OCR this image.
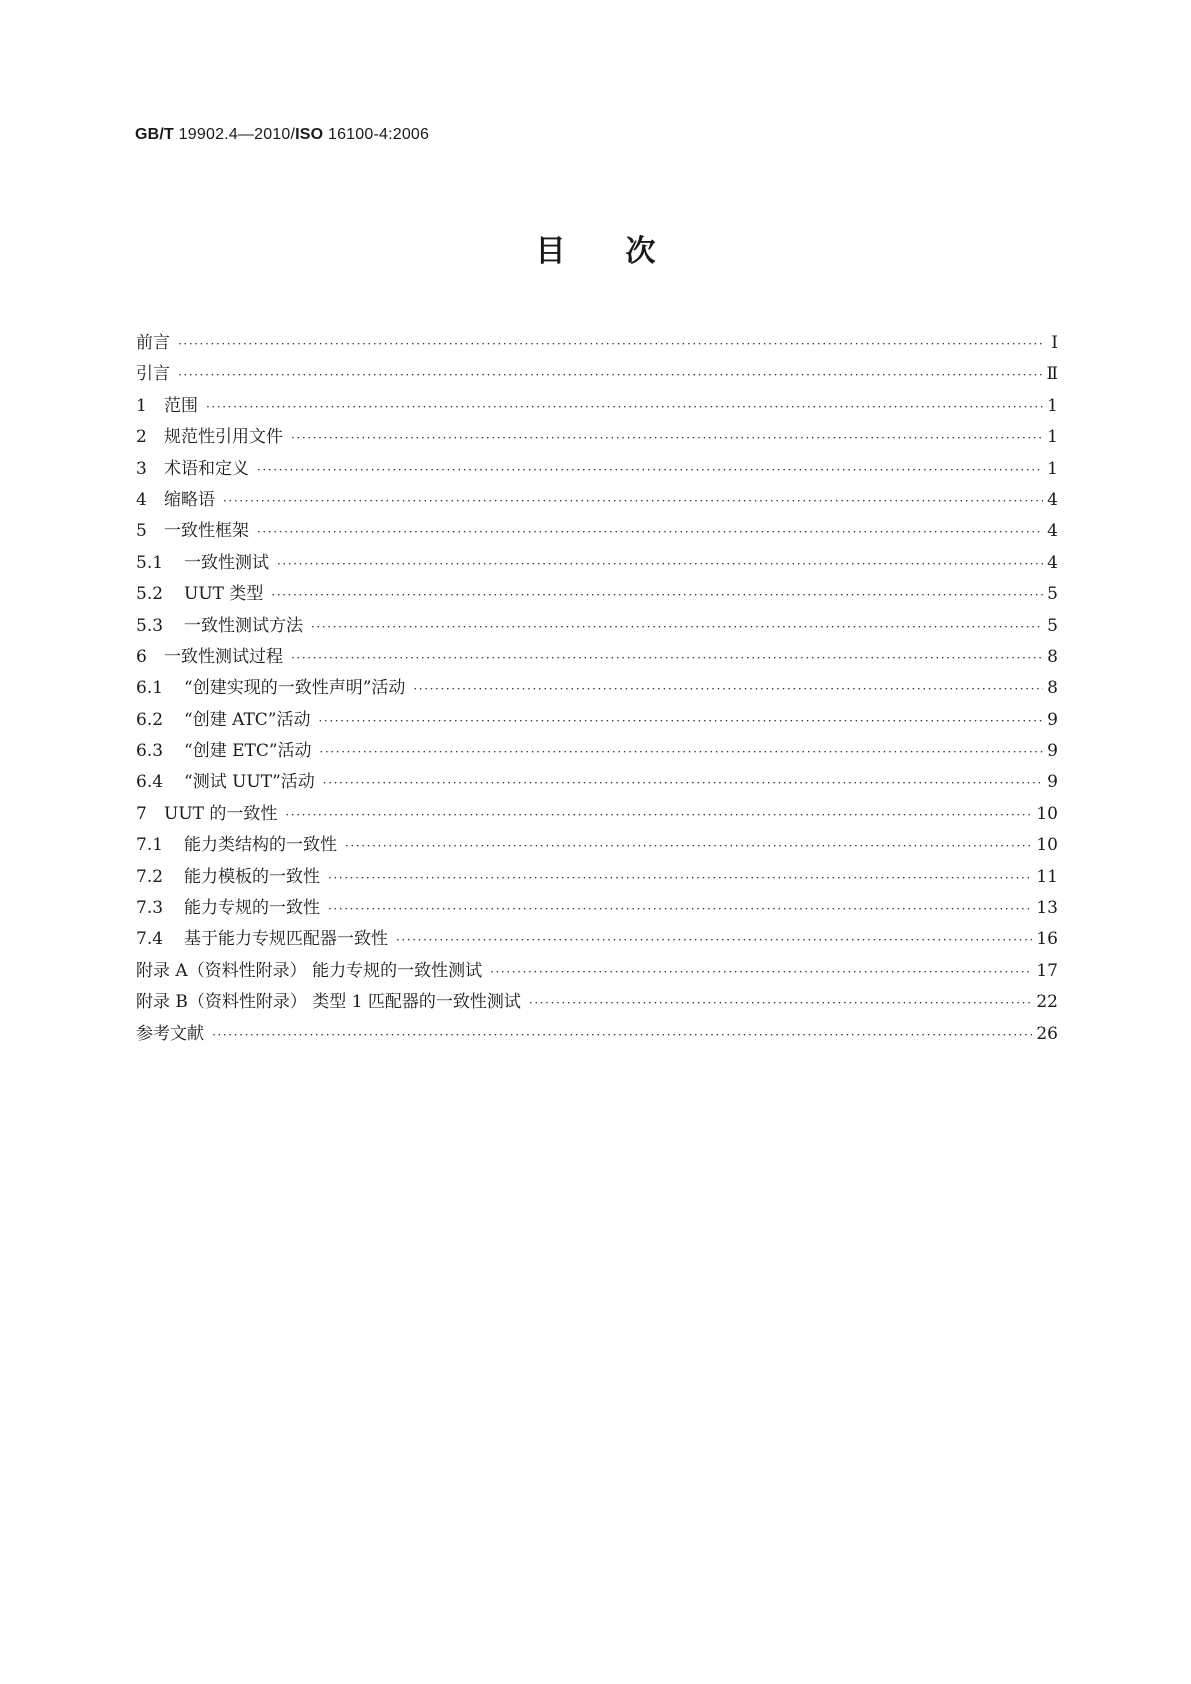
GB/T 19902.4—2010/ISO 16100-4:2006
目 次
前言 ·····	Ⅰ
引言 ·····	Ⅱ
1	范围 ·····	1
2	规范性引用文件 ·····	1
3	术语和定义 ·····	1
4	缩略语 ·····	4
5	一致性框架 ·····	4
5.1	一致性测试 ·····	4
5.2	UUT 类型 ·····	5
5.3	一致性测试方法 ·····	5
6	一致性测试过程 ·····	8
6.1	“创建实现的一致性声明”活动 ·····	8
6.2	“创建 ATC”活动 ·····	9
6.3	“创建 ETC”活动 ·····	9
6.4	“测试 UUT”活动 ·····	9
7	UUT 的一致性 ·····	10
7.1	能力类结构的一致性 ·····	10
7.2	能力模板的一致性 ·····	11
7.3	能力专规的一致性 ·····	13
7.4	基于能力专规匹配器一致性 ·····	16
附录 A（资料性附录） 能力专规的一致性测试 ·····	17
附录 B（资料性附录） 类型 1 匹配器的一致性测试 ·····	22
参考文献 ·····	26
